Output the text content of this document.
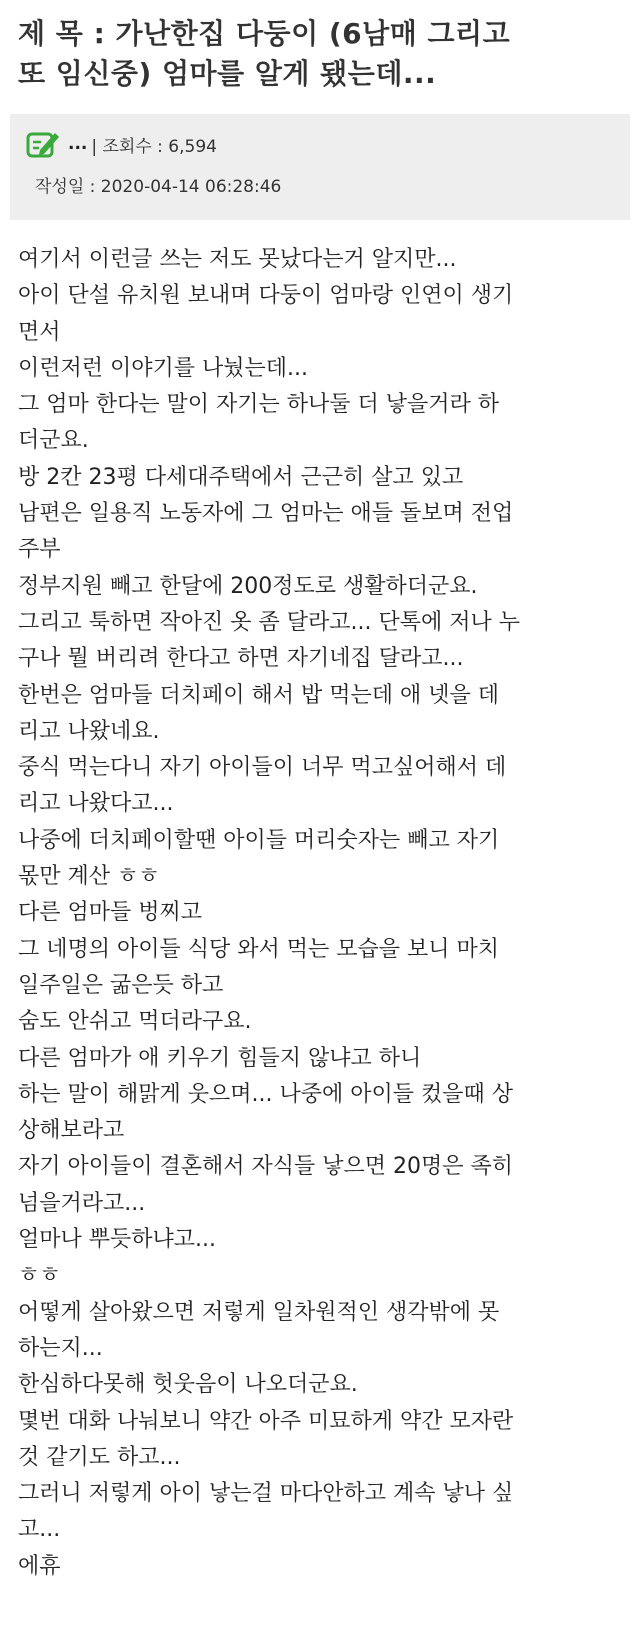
제 목 : 가난한집 다둥이 (6남매 그리고
또 임신중) 엄마를 알게 됐는데...
... | 조회수 : 6,594
작성일 : 2020-04-14 06:28:46
여기서 이런글 쓰는 저도 못났다는거 알지만...
아이 단설 유치원 보내며 다둥이 엄마랑 인연이 생기
면서
이런저런 이야기를 나눴는데...
그 엄마 한다는 말이 자기는 하나둘 더 낳을거라 하
더군요.
방 2칸 23평 다세대주택에서 근근히 살고 있고
남편은 일용직 노동자에 그 엄마는 애들 돌보며 전업
주부
정부지원 빼고 한달에 200정도로 생활하더군요.
그리고 툭하면 작아진 옷 좀 달라고... 단톡에 저나 누
구나 뭘 버리려 한다고 하면 자기네집 달라고...
한번은 엄마들 더치페이 해서 밥 먹는데 애 넷을 데
리고 나왔네요.
중식 먹는다니 자기 아이들이 너무 먹고싶어해서 데
리고 나왔다고...
나중에 더치페이할땐 아이들 머리숫자는 빼고 자기
몫만 계산 ㅎㅎ
다른 엄마들 벙찌고
그 네명의 아이들 식당 와서 먹는 모습을 보니 마치
일주일은 굶은듯 하고
숨도 안쉬고 먹더라구요.
다른 엄마가 애 키우기 힘들지 않냐고 하니
하는 말이 해맑게 웃으며... 나중에 아이들 컸을때 상
상해보라고
자기 아이들이 결혼해서 자식들 낳으면 20명은 족히
넘을거라고...
얼마나 뿌듯하냐고...
ㅎㅎ
어떻게 살아왔으면 저렇게 일차원적인 생각밖에 못
하는지...
한심하다못해 헛웃음이 나오더군요.
몇번 대화 나눠보니 약간 아주 미묘하게 약간 모자란
것 같기도 하고...
그러니 저렇게 아이 낳는걸 마다안하고 계속 낳나 싶
고...
에휴
